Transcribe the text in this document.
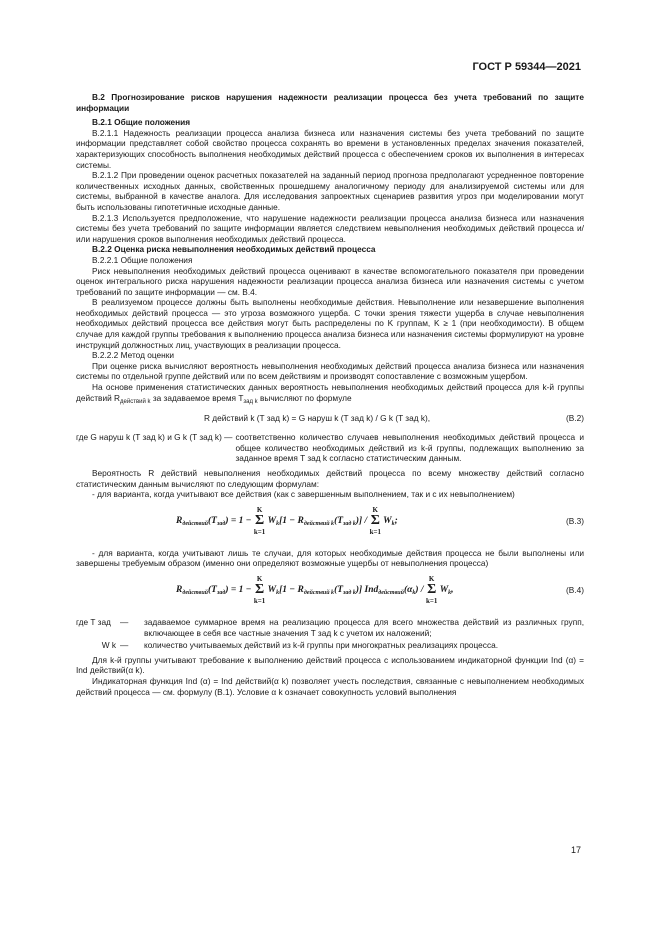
ГОСТ Р 59344—2021

В.2 Прогнозирование рисков нарушения надежности реализации процесса без учета требований по защите информации

В.2.1 Общие положения

В.2.1.1 Надежность реализации процесса анализа бизнеса или назначения системы без учета требований по защите информации представляет собой свойство процесса сохранять во времени в установленных пределах значения показателей, характеризующих способность выполнения необходимых действий процесса с обеспечением сроков их выполнения в интересах системы.

В.2.1.2 При проведении оценок расчетных показателей на заданный период прогноза предполагают усредненное повторение количественных исходных данных, свойственных прошедшему аналогичному периоду для анализируемой системы или для системы, выбранной в качестве аналога. Для исследования запроектных сценариев развития угроз при моделировании могут быть использованы гипотетичные исходные данные.

В.2.1.3 Используется предположение, что нарушение надежности реализации процесса анализа бизнеса или назначения системы без учета требований по защите информации является следствием невыполнения необходимых действий процесса и/или нарушения сроков выполнения необходимых действий процесса.

В.2.2 Оценка риска невыполнения необходимых действий процесса

В.2.2.1 Общие положения

Риск невыполнения необходимых действий процесса оценивают в качестве вспомогательного показателя при проведении оценок интегрального риска нарушения надежности реализации процесса анализа бизнеса или назначения системы с учетом требований по защите информации — см. В.4.

В реализуемом процессе должны быть выполнены необходимые действия. Невыполнение или незавершение выполнения необходимых действий процесса — это угроза возможного ущерба. С точки зрения тяжести ущерба в случае невыполнения необходимых действий процесса все действия могут быть распределены по K группам, K ≥ 1 (при необходимости). В общем случае для каждой группы требования к выполнению процесса анализа бизнеса или назначения системы формулируют на уровне инструкций должностных лиц, участвующих в реализации процесса.

В.2.2.2 Метод оценки

При оценке риска вычисляют вероятность невыполнения необходимых действий процесса анализа бизнеса или назначения системы по отдельной группе действий или по всем действиям и производят сопоставление с возможным ущербом.

На основе применения статистических данных вероятность невыполнения необходимых действий процесса для k-й группы действий $R_{действий k}$ за задаваемое время $T_{зад k}$ вычисляют по формуле

R действий k (T зад k) = G наруш k (T зад k) / G k (T зад k),	(В.2)
где G наруш k (T зад k) и G k (T зад k) — соответственно количество случаев невыполнения необходимых действий процесса и общее количество необходимых действий из k-й группы, подлежащих выполнению за заданное время T зад k согласно статистическим данным.

Вероятность R действий невыполнения необходимых действий процесса по всему множеству действий согласно статистическим данным вычисляют по следующим формулам:

- для варианта, когда учитывают все действия (как с завершенным выполнением, так и с их невыполнением)

$R_{действий}(T_{зад}) = 1 - K$
Σ
k=1 $W_k[1 - R_{действий k}(T_{зад k})] / K$
Σ
k=1 $W_k$;	(В.3)

- для варианта, когда учитывают лишь те случаи, для которых необходимые действия процесса не были выполнены или завершены требуемым образом (именно они определяют возможные ущербы от невыполнения процесса)

$R_{действий}(T_{зад}) = 1 - K$
Σ
k=1 $W_k[1 - R_{действий k}(T_{зад k})]$ $Ind_{действий}(\alpha_k)$ / K
Σ
k=1 $W_k$,	(В.4)
где T зад	—	задаваемое суммарное время на реализацию процесса для всего множества действий из различных групп, включающее в себя все частные значения T зад k с учетом их наложений;
W k —	количество учитываемых действий из k-й группы при многократных реализациях процесса.

Для k-й группы учитывают требование к выполнению действий процесса с использованием индикаторной функции Ind (α) = Ind действий(α k).

Индикаторная функция Ind (α) = Ind действий(α k) позволяет учесть последствия, связанные с невыполнением необходимых действий процесса — см. формулу (В.1). Условие α k означает совокупность условий выполнения

17
